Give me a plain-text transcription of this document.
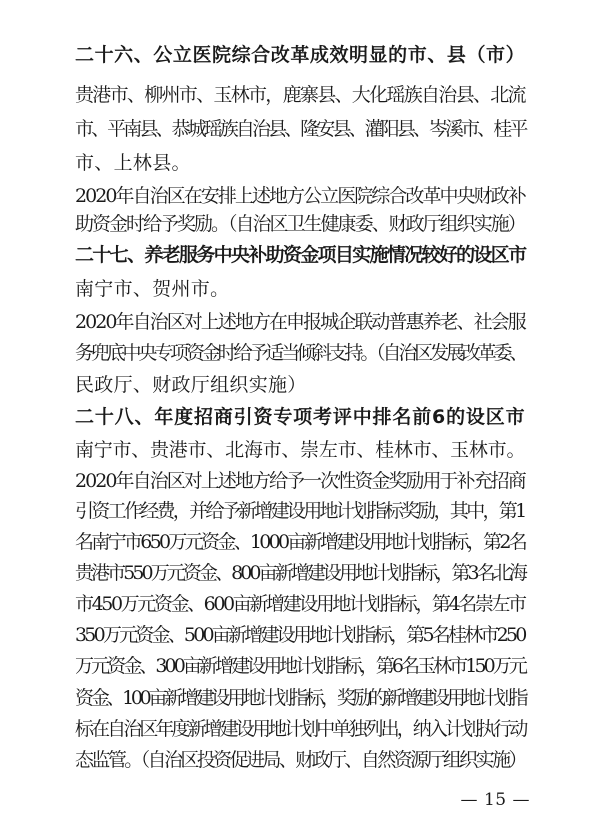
二十六、公立医院综合改革成效明显的市、县（市）
贵港市、柳州市、玉林市，鹿寨县、大化瑶族自治县、北流
市、平南县、恭城瑶族自治县、隆安县、灌阳县、岑溪市、桂平
市、上林县。
2020年自治区在安排上述地方公立医院综合改革中央财政补
助资金时给予奖励。（自治区卫生健康委、财政厅组织实施）
二十七、养老服务中央补助资金项目实施情况较好的设区市
南宁市、贺州市。
2020年自治区对上述地方在申报城企联动普惠养老、社会服
务兜底中央专项资金时给予适当倾斜支持。（自治区发展改革委、
民政厅、财政厅组织实施）
二十八、年度招商引资专项考评中排名前6的设区市
南宁市、贵港市、北海市、崇左市、桂林市、玉林市。
2020年自治区对上述地方给予一次性资金奖励用于补充招商
引资工作经费，并给予新增建设用地计划指标奖励，其中，第1
名南宁市650万元资金、1000亩新增建设用地计划指标，第2名
贵港市550万元资金、800亩新增建设用地计划指标，第3名北海
市450万元资金、600亩新增建设用地计划指标，第4名崇左市
350万元资金、500亩新增建设用地计划指标，第5名桂林市250
万元资金、300亩新增建设用地计划指标，第6名玉林市150万元
资金、100亩新增建设用地计划指标，奖励的新增建设用地计划指
标在自治区年度新增建设用地计划中单独列出，纳入计划执行动
态监管。（自治区投资促进局、财政厅、自然资源厅组织实施）
— 15 —
